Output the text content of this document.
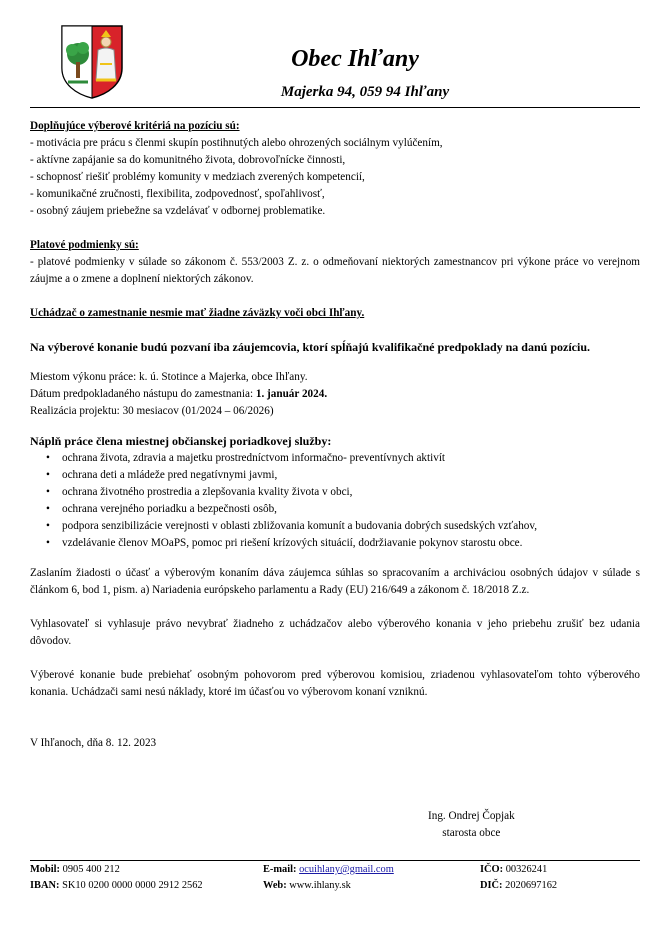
Obec Ihľany
Majerka 94, 059 94 Ihľany

Doplňujúce výberové kritériá na pozíciu sú:

- motivácia pre prácu s členmi skupín postihnutých alebo ohrozených sociálnym vylúčením,

- aktívne zapájanie sa do komunitného života, dobrovoľnícke činnosti,

- schopnosť riešiť problémy komunity v medziach zverených kompetencií,

- komunikačné zručnosti, flexibilita, zodpovednosť, spoľahlivosť,

- osobný záujem priebežne sa vzdelávať v odbornej problematike.

Platové podmienky sú:

- platové podmienky v súlade so zákonom č. 553/2003 Z. z. o odmeňovaní niektorých zamestnancov pri výkone práce vo verejnom záujme a o zmene a doplnení niektorých zákonov.

Uchádzač o zamestnanie nesmie mať žiadne záväzky voči obci Ihľany.

Na výberové konanie budú pozvaní iba záujemcovia, ktorí spĺňajú kvalifikačné predpoklady na danú pozíciu.

Miestom výkonu práce: k. ú. Stotince a Majerka, obce Ihľany.

Dátum predpokladaného nástupu do zamestnania: 1. január 2024.

Realizácia projektu: 30 mesiacov (01/2024 – 06/2026)

Náplň práce člena miestnej občianskej poriadkovej služby:

• ochrana života, zdravia a majetku prostredníctvom informačno- preventívnych aktivít
• ochrana deti a mládeže pred negatívnymi javmi,
• ochrana životného prostredia a zlepšovania kvality života v obci,
• ochrana verejného poriadku a bezpečnosti osôb,
• podpora senzibilizácie verejnosti v oblasti zbližovania komunít a budovania dobrých susedských vzťahov,
• vzdelávanie členov MOaPS, pomoc pri riešení krízových situácií, dodržiavanie pokynov starostu obce.

Zaslaním žiadosti o účasť a výberovým konaním dáva záujemca súhlas so spracovaním a archiváciou osobných údajov v súlade s článkom 6, bod 1, pism. a) Nariadenia európskeho parlamentu a Rady (EU) 216/649 a zákonom č. 18/2018 Z.z.

Vyhlasovateľ si vyhlasuje právo nevybrať žiadneho z uchádzačov alebo výberového konania v jeho priebehu zrušiť bez udania dôvodov.

Výberové konanie bude prebiehať osobným pohovorom pred výberovou komisiou, zriadenou vyhlasovateľom tohto výberového konania. Uchádzači sami nesú náklady, ktoré im účasťou vo výberovom konaní vzniknú.

V Ihľanoch, dňa 8. 12. 2023

Ing. Ondrej Čopjak

starosta obce

Mobil: 0905 400 212
IBAN: SK10 0200 0000 0000 2912 2562
E-mail: ocuihlany@gmail.com
Web: www.ihlany.sk
IČO: 00326241
DIČ: 2020697162
